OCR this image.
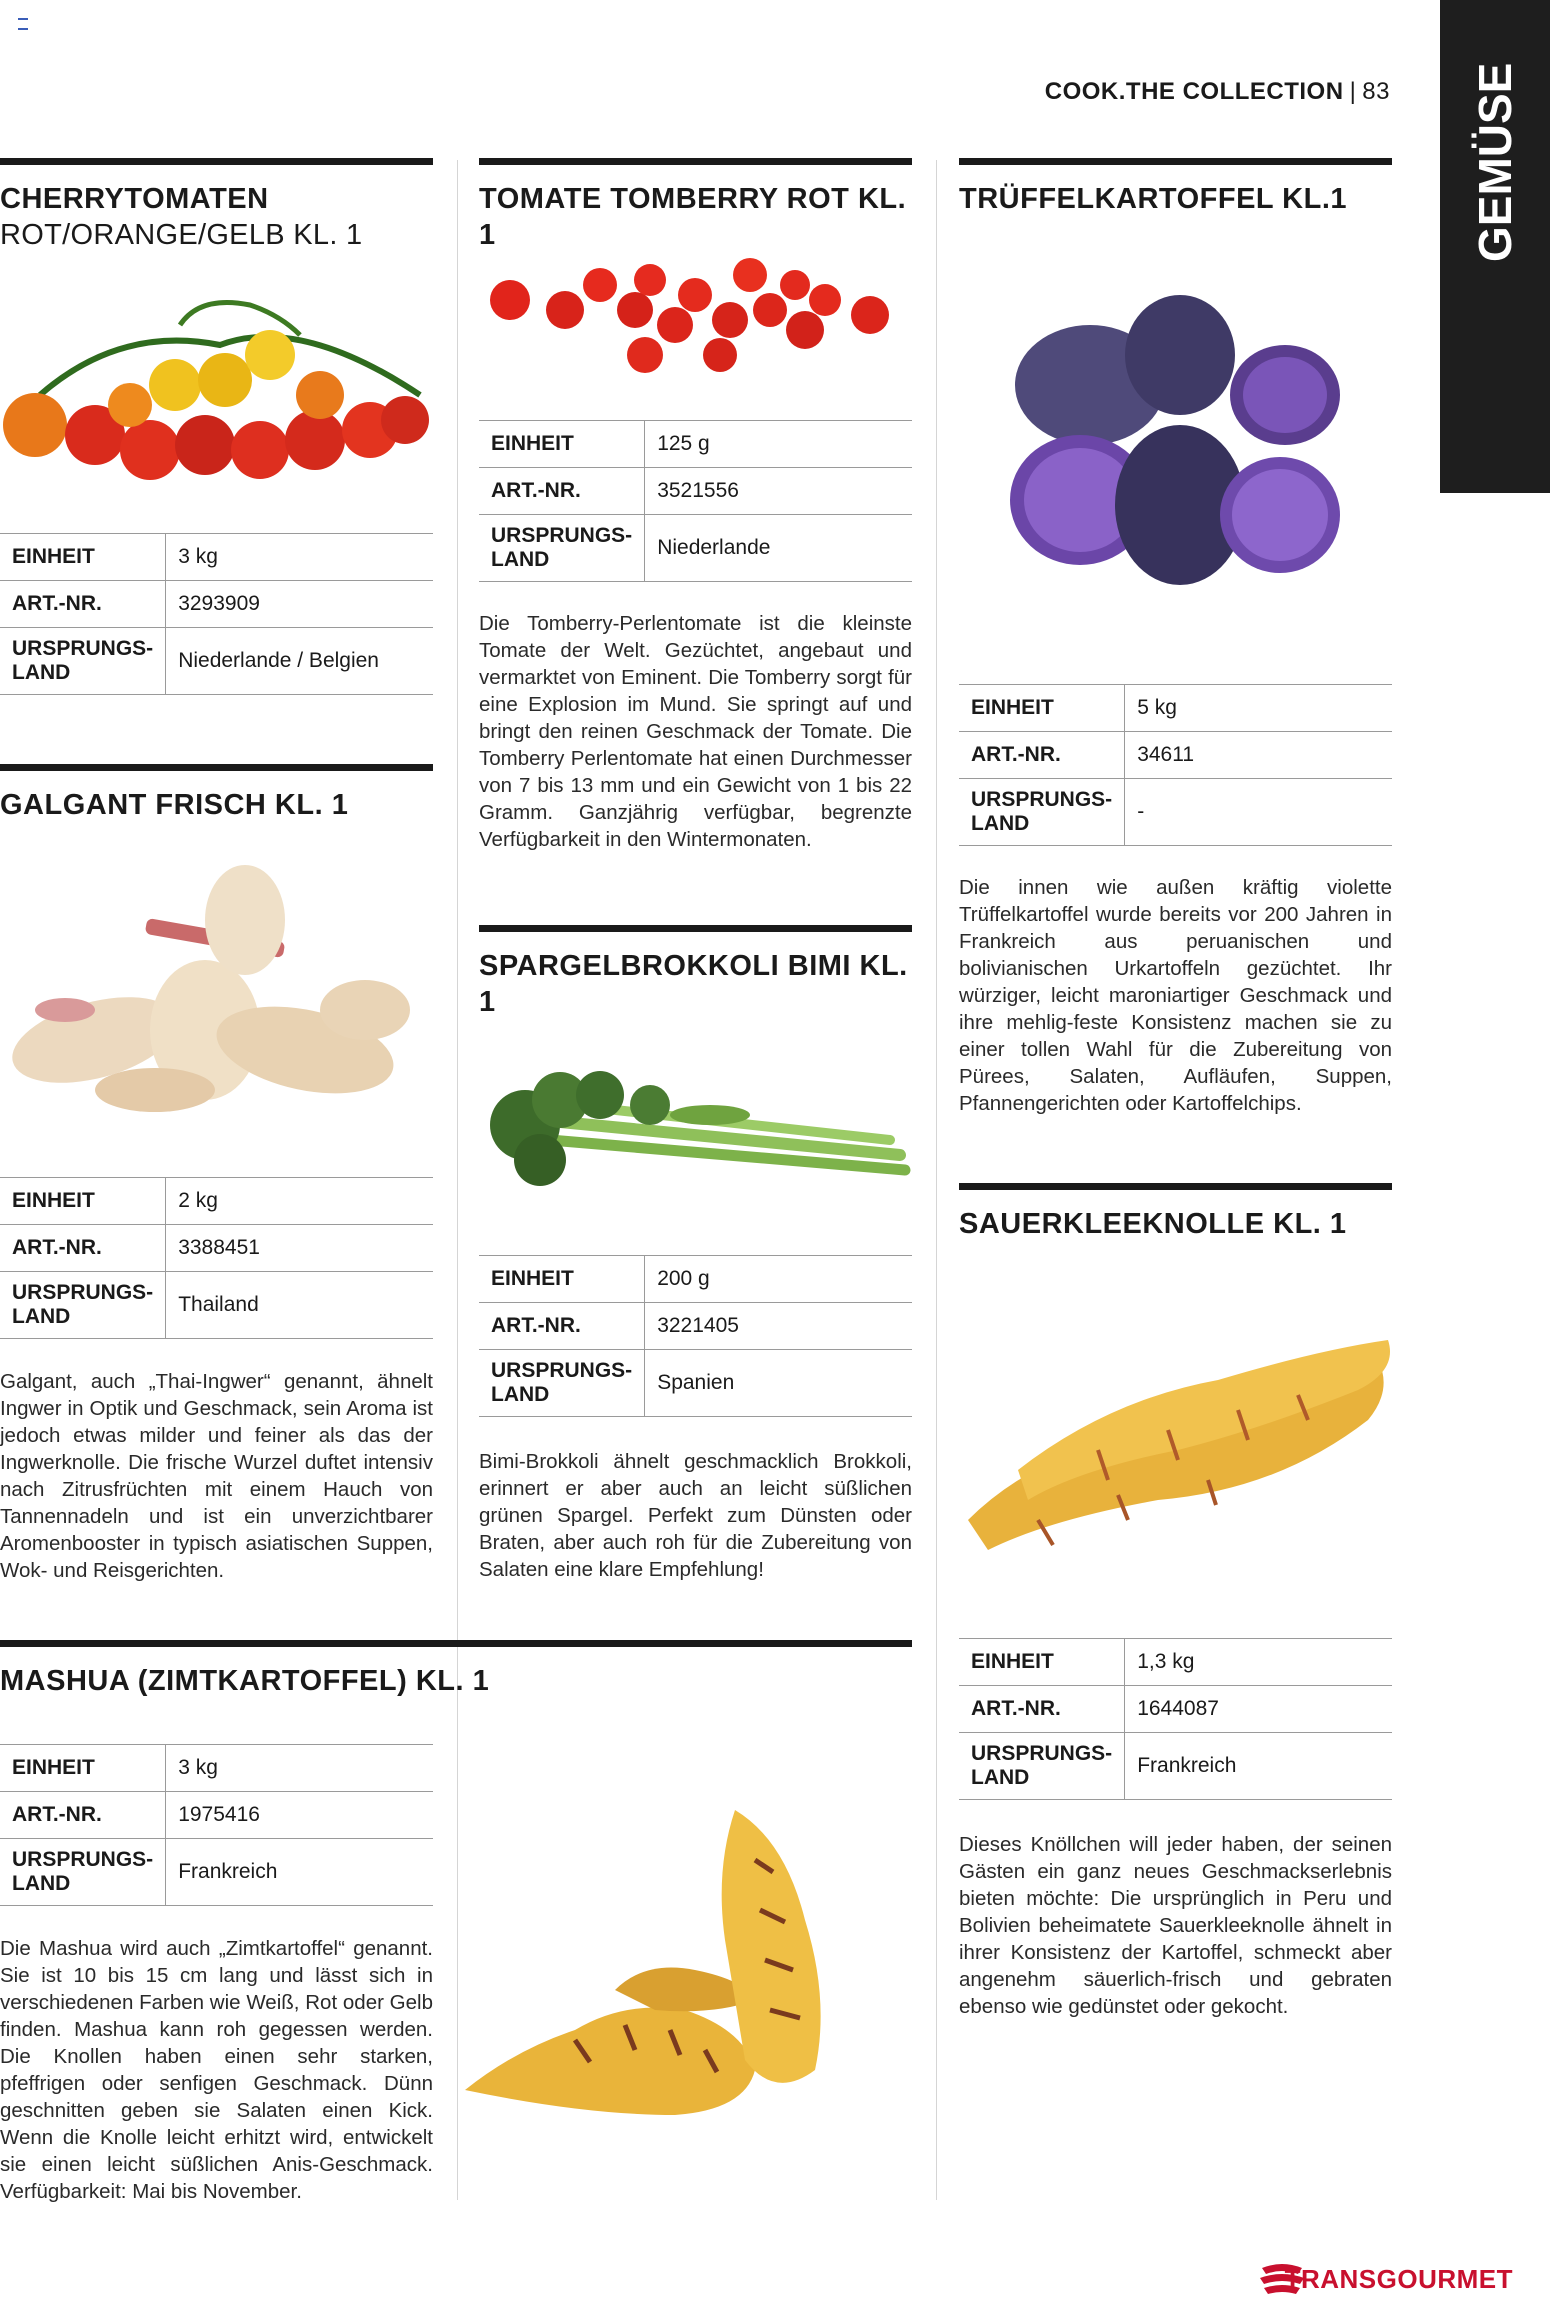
COOK.THE COLLECTION | 83	GEMÜSE
CHERRYTOMATEN
ROT/ORANGE/GELB KL. 1
EINHEIT	3 kg
ART.-NR.	3293909
URSPRUNGS-
LAND	Niederlande / Belgien
GALGANT FRISCH KL. 1
EINHEIT	2 kg
ART.-NR.	3388451
URSPRUNGS-
LAND	Thailand
Galgant, auch „Thai-Ingwer“ genannt, ähnelt Ingwer in Optik und Geschmack, sein Aroma ist jedoch etwas milder und feiner als das der Ingwerknolle. Die frische Wurzel duftet intensiv nach Zitrusfrüchten mit einem Hauch von Tannennadeln und ist ein unverzichtbarer Aromenbooster in typisch asiatischen Suppen, Wok- und Reisgerichten.
TOMATE TOMBERRY ROT KL. 1
EINHEIT	125 g
ART.-NR.	3521556
URSPRUNGS-
LAND	Niederlande
Die Tomberry-Perlentomate ist die kleinste Tomate der Welt. Gezüchtet, angebaut und vermarktet von Eminent. Die Tomberry sorgt für eine Explosion im Mund. Sie springt auf und bringt den reinen Geschmack der Tomate. Die Tomberry Perlentomate hat einen Durchmesser von 7 bis 13 mm und ein Gewicht von 1 bis 22 Gramm. Ganzjährig verfügbar, begrenzte Verfügbarkeit in den Wintermonaten.
SPARGELBROKKOLI BIMI KL. 1
EINHEIT	200 g
ART.-NR.	3221405
URSPRUNGS-
LAND	Spanien
Bimi-Brokkoli ähnelt geschmacklich Brokkoli, erinnert er aber auch an leicht süßlichen grünen Spargel. Perfekt zum Dünsten oder Braten, aber auch roh für die Zubereitung von Salaten eine klare Empfehlung!
TRÜFFELKARTOFFEL KL.1
EINHEIT	5 kg
ART.-NR.	34611
URSPRUNGS-
LAND	-
Die innen wie außen kräftig violette Trüffelkartoffel wurde bereits vor 200 Jahren in Frankreich aus peruanischen und bolivianischen Urkartoffeln gezüchtet. Ihr würziger, leicht maroniartiger Geschmack und ihre mehlig-feste Konsistenz machen sie zu einer tollen Wahl für die Zubereitung von Pürees, Salaten, Aufläufen, Suppen, Pfannengerichten oder Kartoffelchips.
SAUERKLEEKNOLLE KL. 1
EINHEIT	1,3 kg
ART.-NR.	1644087
URSPRUNGS-
LAND	Frankreich
Dieses Knöllchen will jeder haben, der seinen Gästen ein ganz neues Geschmackserlebnis bieten möchte: Die ursprünglich in Peru und Bolivien beheimatete Sauerkleeknolle ähnelt in ihrer Konsistenz der Kartoffel, schmeckt aber angenehm säuerlich-frisch und gebraten ebenso wie gedünstet oder gekocht.
MASHUA (ZIMTKARTOFFEL) KL. 1
EINHEIT	3 kg
ART.-NR.	1975416
URSPRUNGS-
LAND	Frankreich
Die Mashua wird auch „Zimtkartoffel“ genannt. Sie ist 10 bis 15 cm lang und lässt sich in verschiedenen Farben wie Weiß, Rot oder Gelb finden. Mashua kann roh gegessen werden. Die Knollen haben einen sehr starken, pfeffrigen oder senfigen Geschmack. Dünn geschnitten geben sie Salaten einen Kick. Wenn die Knolle leicht erhitzt wird, entwickelt sie einen leicht süßlichen Anis-Geschmack. Verfügbarkeit: Mai bis November.
TRANSGOURMET
